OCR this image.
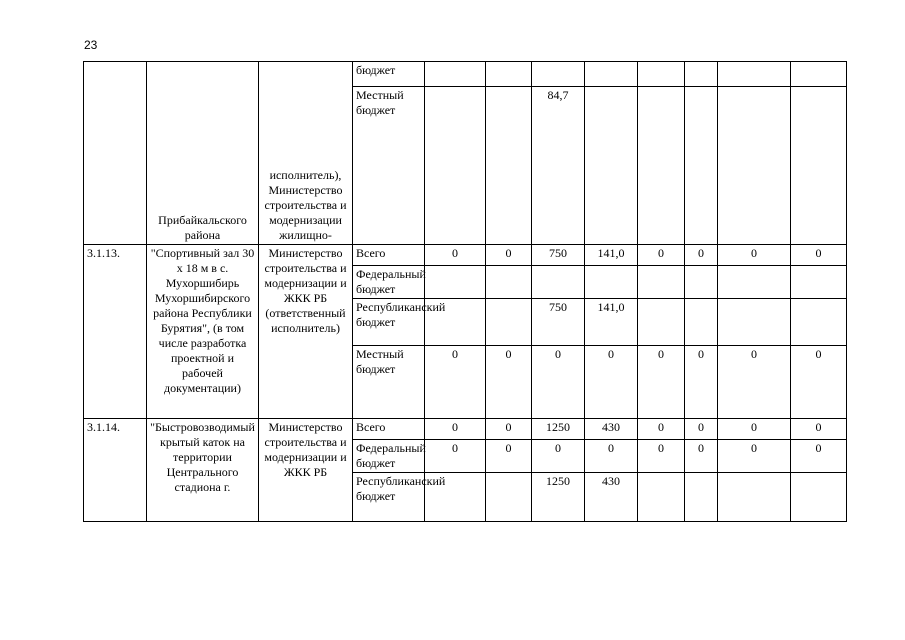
23
	Прибайкальского района	исполнитель), Министерство строительства и модернизации жилищно-	бюджет								
			Местный бюджет			84,7					
3.1.13.	"Спортивный зал 30 х 18 м в с. Мухоршибирь Мухоршибирского района Республики Бурятия", (в том числе разработка проектной и рабочей документации)	Министерство строительства и модернизации и ЖКК РБ (ответственный исполнитель)	Всего	0	0	750	141,0	0	0	0	0
			Федеральный бюджет								
			Республиканский бюджет			750	141,0				
			Местный бюджет	0	0	0	0	0	0	0	0
3.1.14.	"Быстровозводимый крытый каток на территории Центрального стадиона г.	Министерство строительства и модернизации и ЖКК РБ	Всего	0	0	1250	430	0	0	0	0
			Федеральный бюджет	0	0	0	0	0	0	0	0
			Республиканский бюджет			1250	430				
